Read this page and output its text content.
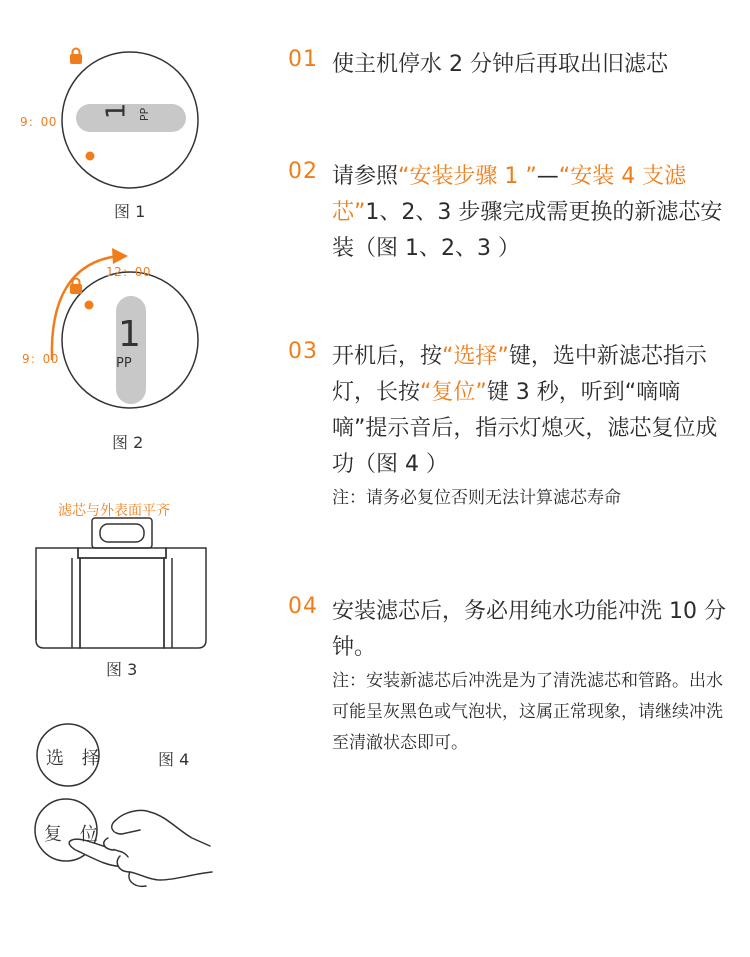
9：00
1 PP
图 1
12：00
9：00
1
PP
图 2
滤芯与外表面平齐
图 3
选 择
复 位
图 4
01 使主机停水 2 分钟后再取出旧滤芯

02 请参照“安装步骤 1 ”—“安装 4 支滤芯”1、2、3 步骤完成需更换的新滤芯安装（图 1、2、3 ）

03 开机后，按“选择”键，选中新滤芯指示灯，长按“复位”键 3 秒，听到“嘀嘀嘀”提示音后，指示灯熄灭，滤芯复位成功（图 4 ）

注：请务必复位否则无法计算滤芯寿命

04 安装滤芯后，务必用纯水功能冲洗 10 分钟。

注：安装新滤芯后冲洗是为了清洗滤芯和管路。出水可能呈灰黑色或气泡状，这属正常现象，请继续冲洗至清澈状态即可。
